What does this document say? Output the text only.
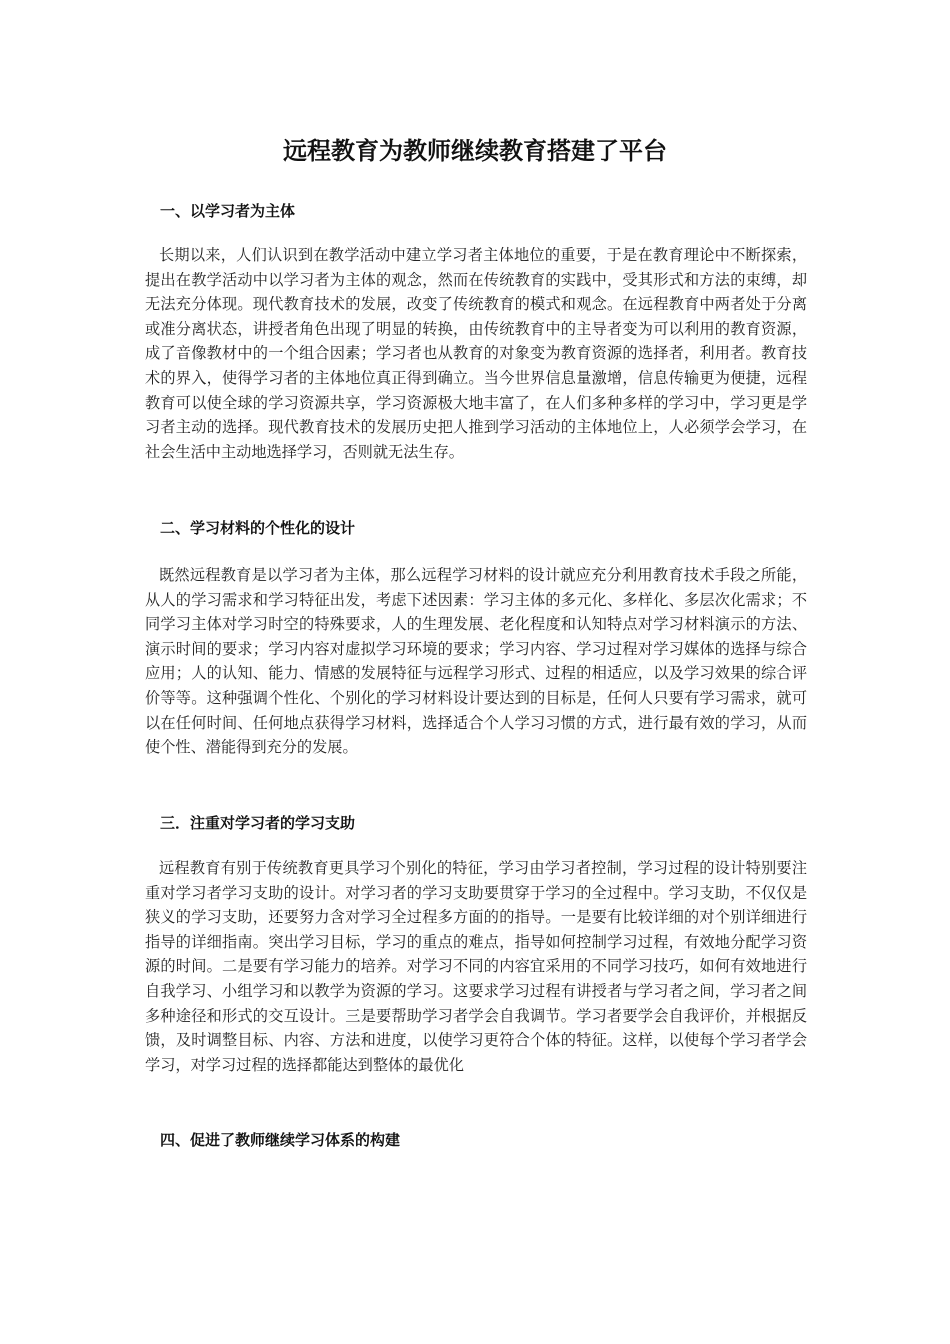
远程教育为教师继续教育搭建了平台
一、以学习者为主体

长期以来，人们认识到在教学活动中建立学习者主体地位的重要，于是在教育理论中不断探索，提出在教学活动中以学习者为主体的观念，然而在传统教育的实践中，受其形式和方法的束缚，却无法充分体现。现代教育技术的发展，改变了传统教育的模式和观念。在远程教育中两者处于分离或准分离状态，讲授者角色出现了明显的转换，由传统教育中的主导者变为可以利用的教育资源，成了音像教材中的一个组合因素；学习者也从教育的对象变为教育资源的选择者，利用者。教育技术的界入，使得学习者的主体地位真正得到确立。当今世界信息量激增，信息传输更为便捷，远程教育可以使全球的学习资源共享，学习资源极大地丰富了，在人们多种多样的学习中，学习更是学习者主动的选择。现代教育技术的发展历史把人推到学习活动的主体地位上，人必须学会学习，在社会生活中主动地选择学习，否则就无法生存。

二、学习材料的个性化的设计

既然远程教育是以学习者为主体，那么远程学习材料的设计就应充分利用教育技术手段之所能，从人的学习需求和学习特征出发，考虑下述因素：学习主体的多元化、多样化、多层次化需求；不同学习主体对学习时空的特殊要求，人的生理发展、老化程度和认知特点对学习材料演示的方法、演示时间的要求；学习内容对虚拟学习环境的要求；学习内容、学习过程对学习媒体的选择与综合应用；人的认知、能力、情感的发展特征与远程学习形式、过程的相适应，以及学习效果的综合评价等等。这种强调个性化、个别化的学习材料设计要达到的目标是，任何人只要有学习需求，就可以在任何时间、任何地点获得学习材料，选择适合个人学习习惯的方式，进行最有效的学习，从而使个性、潜能得到充分的发展。

三．注重对学习者的学习支助

远程教育有别于传统教育更具学习个别化的特征，学习由学习者控制，学习过程的设计特别要注重对学习者学习支助的设计。对学习者的学习支助要贯穿于学习的全过程中。学习支助，不仅仅是狭义的学习支助，还要努力含对学习全过程多方面的的指导。一是要有比较详细的对个别详细进行指导的详细指南。突出学习目标，学习的重点的难点，指导如何控制学习过程，有效地分配学习资源的时间。二是要有学习能力的培养。对学习不同的内容宜采用的不同学习技巧，如何有效地进行自我学习、小组学习和以教学为资源的学习。这要求学习过程有讲授者与学习者之间，学习者之间多种途径和形式的交互设计。三是要帮助学习者学会自我调节。学习者要学会自我评价，并根据反馈，及时调整目标、内容、方法和进度，以使学习更符合个体的特征。这样，以使每个学习者学会学习，对学习过程的选择都能达到整体的最优化

四、促进了教师继续学习体系的构建
